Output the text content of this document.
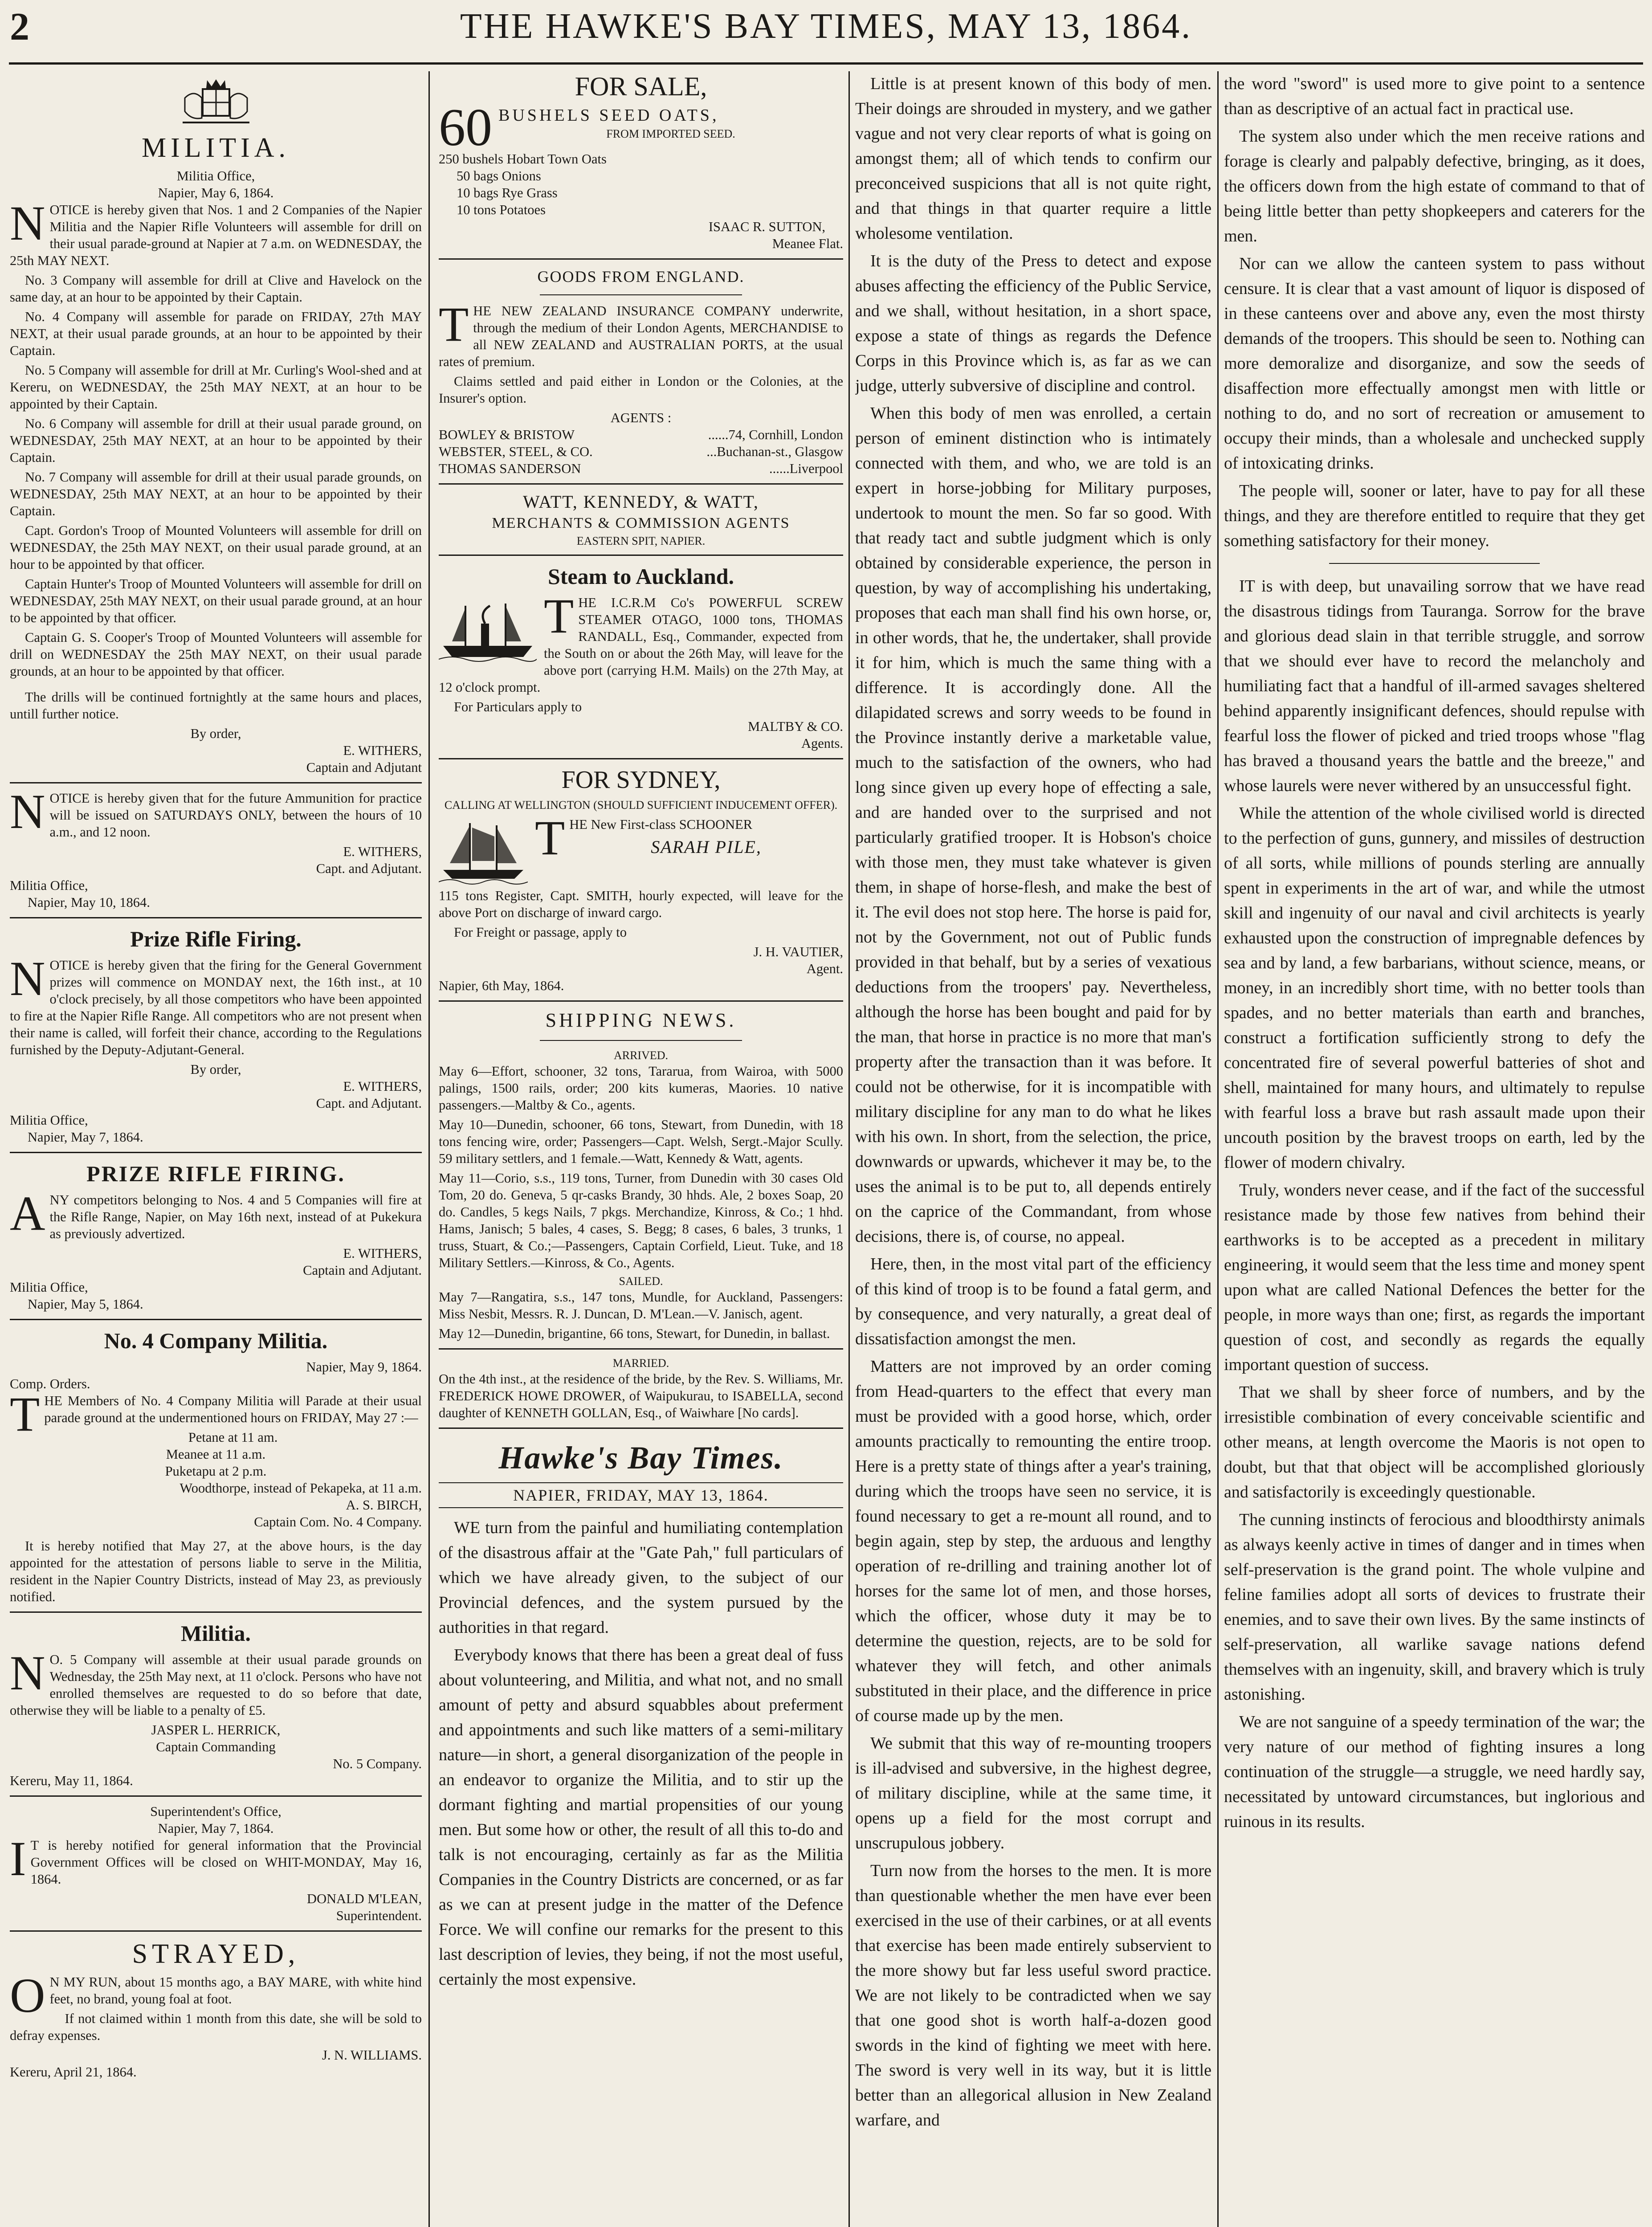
2	THE HAWKE'S BAY TIMES, MAY 13, 1864.
MILITIA.

Militia Office,

Napier, May 6, 1864.

NOTICE is hereby given that Nos. 1 and 2 Companies of the Napier Militia and the Napier Rifle Volunteers will assemble for drill on their usual parade-ground at Napier at 7 a.m. on WEDNESDAY, the 25th MAY NEXT.

No. 3 Company will assemble for drill at Clive and Havelock on the same day, at an hour to be appointed by their Captain.

No. 4 Company will assemble for parade on FRIDAY, 27th MAY NEXT, at their usual parade grounds, at an hour to be appointed by their Captain.

No. 5 Company will assemble for drill at Mr. Curling's Wool-shed and at Kereru, on WEDNESDAY, the 25th MAY NEXT, at an hour to be appointed by their Captain.

No. 6 Company will assemble for drill at their usual parade ground, on WEDNESDAY, 25th MAY NEXT, at an hour to be appointed by their Captain.

No. 7 Company will assemble for drill at their usual parade grounds, on WEDNESDAY, 25th MAY NEXT, at an hour to be appointed by their Captain.

Capt. Gordon's Troop of Mounted Volunteers will assemble for drill on WEDNESDAY, the 25th MAY NEXT, on their usual parade ground, at an hour to be appointed by that officer.

Captain Hunter's Troop of Mounted Volunteers will assemble for drill on WEDNESDAY, 25th MAY NEXT, on their usual parade ground, at an hour to be appointed by that officer.

Captain G. S. Cooper's Troop of Mounted Volunteers will assemble for drill on WEDNESDAY the 25th MAY NEXT, on their usual parade grounds, at an hour to be appointed by that officer.

The drills will be continued fortnightly at the same hours and places, untill further notice.

By order,

E. WITHERS,

Captain and Adjutant

NOTICE is hereby given that for the future Ammunition for practice will be issued on SATURDAYS ONLY, between the hours of 10 a.m., and 12 noon.

E. WITHERS,

Capt. and Adjutant.

Militia Office,

Napier, May 10, 1864.

Prize Rifle Firing.

NOTICE is hereby given that the firing for the General Government prizes will commence on MONDAY next, the 16th inst., at 10 o'clock precisely, by all those competitors who have been appointed to fire at the Napier Rifle Range. All competitors who are not present when their name is called, will forfeit their chance, according to the Regulations furnished by the Deputy-Adjutant-General.

By order,

E. WITHERS,

Capt. and Adjutant.

Militia Office,

Napier, May 7, 1864.

PRIZE RIFLE FIRING.

ANY competitors belonging to Nos. 4 and 5 Companies will fire at the Rifle Range, Napier, on May 16th next, instead of at Pukekura as previously advertized.

E. WITHERS,

Captain and Adjutant.

Militia Office,

Napier, May 5, 1864.

No. 4 Company Militia.

Napier, May 9, 1864.

Comp. Orders.

THE Members of No. 4 Company Militia will Parade at their usual parade ground at the undermentioned hours on FRIDAY, May 27 :—

Petane at 11 am.

Meanee at 11 a.m.

Puketapu at 2 p.m.

Woodthorpe, instead of Pekapeka, at 11 a.m.

A. S. BIRCH,

Captain Com. No. 4 Company.

It is hereby notified that May 27, at the above hours, is the day appointed for the attestation of persons liable to serve in the Militia, resident in the Napier Country Districts, instead of May 23, as previously notified.

Militia.

N O. 5 Company will assemble at their usual parade grounds on Wednesday, the 25th May next, at 11 o'clock. Persons who have not enrolled themselves are requested to do so before that date, otherwise they will be liable to a penalty of £5.

JASPER L. HERRICK,

Captain Commanding

No. 5 Company.

Kereru, May 11, 1864.

Superintendent's Office,

Napier, May 7, 1864.

I T is hereby notified for general information that the Provincial Government Offices will be closed on WHIT-MONDAY, May 16, 1864.

DONALD M'LEAN,

Superintendent.

STRAYED,

O N MY RUN, about 15 months ago, a BAY MARE, with white hind feet, no brand, young foal at foot.

If not claimed within 1 month from this date, she will be sold to defray expenses.

J. N. WILLIAMS.

Kereru, April 21, 1864.

FOR SALE,
60 BUSHELS SEED OATS,
FROM IMPORTED SEED.

250 bushels Hobart Town Oats

50 bags Onions

10 bags Rye Grass

10 tons Potatoes

ISAAC R. SUTTON,

Meanee Flat.

GOODS FROM ENGLAND.

THE NEW ZEALAND INSURANCE COMPANY underwrite, through the medium of their London Agents, MERCHANDISE to all NEW ZEALAND and AUSTRALIAN PORTS, at the usual rates of premium.

Claims settled and paid either in London or the Colonies, at the Insurer's option.

AGENTS :

BOWLEY & BRISTOW	......74, Cornhill, London
WEBSTER, STEEL, & CO.	...Buchanan-st., Glasgow
THOMAS SANDERSON	......Liverpool
WATT, KENNEDY, & WATT,
MERCHANTS & COMMISSION AGENTS
EASTERN SPIT, NAPIER.
Steam to Auckland.

THE I.C.R.M Co's POWERFUL SCREW STEAMER OTAGO, 1000 tons, THOMAS RANDALL, Esq., Commander, expected from the South on or about the 26th May, will leave for the above port (carrying H.M. Mails) on the 27th May, at 12 o'clock prompt.

For Particulars apply to

MALTBY & CO.

Agents.

FOR SYDNEY,
CALLING AT WELLINGTON (SHOULD SUFFICIENT INDUCEMENT OFFER).

THE New First-class SCHOONER

SARAH PILE,

115 tons Register, Capt. SMITH, hourly expected, will leave for the above Port on discharge of inward cargo.

For Freight or passage, apply to

J. H. VAUTIER,

Agent.

Napier, 6th May, 1864.

SHIPPING NEWS.

ARRIVED.

May 6—Effort, schooner, 32 tons, Tararua, from Wairoa, with 5000 palings, 1500 rails, order; 200 kits kumeras, Maories. 10 native passengers.—Maltby & Co., agents.

May 10—Dunedin, schooner, 66 tons, Stewart, from Dunedin, with 18 tons fencing wire, order; Passengers—Capt. Welsh, Sergt.-Major Scully. 59 military settlers, and 1 female.—Watt, Kennedy & Watt, agents.

May 11—Corio, s.s., 119 tons, Turner, from Dunedin with 30 cases Old Tom, 20 do. Geneva, 5 qr-casks Brandy, 30 hhds. Ale, 2 boxes Soap, 20 do. Candles, 5 kegs Nails, 7 pkgs. Merchandize, Kinross, & Co.; 1 hhd. Hams, Janisch; 5 bales, 4 cases, S. Begg; 8 cases, 6 bales, 3 trunks, 1 truss, Stuart, & Co.;—Passengers, Captain Corfield, Lieut. Tuke, and 18 Military Settlers.—Kinross, & Co., Agents.

SAILED.

May 7—Rangatira, s.s., 147 tons, Mundle, for Auckland, Passengers: Miss Nesbit, Messrs. R. J. Duncan, D. M'Lean.—V. Janisch, agent.

May 12—Dunedin, brigantine, 66 tons, Stewart, for Dunedin, in ballast.

MARRIED.

On the 4th inst., at the residence of the bride, by the Rev. S. Williams, Mr. FREDERICK HOWE DROWER, of Waipukurau, to ISABELLA, second daughter of KENNETH GOLLAN, Esq., of Waiwhare [No cards].

Hawke's Bay Times.
NAPIER, FRIDAY, MAY 13, 1864.

WE turn from the painful and humiliating contemplation of the disastrous affair at the "Gate Pah," full particulars of which we have already given, to the subject of our Provincial defences, and the system pursued by the authorities in that regard.

Everybody knows that there has been a great deal of fuss about volunteering, and Militia, and what not, and no small amount of petty and absurd squabbles about preferment and appointments and such like matters of a semi-military nature—in short, a general disorganization of the people in an endeavor to organize the Militia, and to stir up the dormant fighting and martial propensities of our young men. But some how or other, the result of all this to-do and talk is not encouraging, certainly as far as the Militia Companies in the Country Districts are concerned, or as far as we can at present judge in the matter of the Defence Force. We will confine our remarks for the present to this last description of levies, they being, if not the most useful, certainly the most expensive.

Little is at present known of this body of men. Their doings are shrouded in mystery, and we gather vague and not very clear reports of what is going on amongst them; all of which tends to confirm our preconceived suspicions that all is not quite right, and that things in that quarter require a little wholesome ventilation.

It is the duty of the Press to detect and expose abuses affecting the efficiency of the Public Service, and we shall, without hesitation, in a short space, expose a state of things as regards the Defence Corps in this Province which is, as far as we can judge, utterly subversive of discipline and control.

When this body of men was enrolled, a certain person of eminent distinction who is intimately connected with them, and who, we are told is an expert in horse-jobbing for Military purposes, undertook to mount the men. So far so good. With that ready tact and subtle judgment which is only obtained by considerable experience, the person in question, by way of accomplishing his undertaking, proposes that each man shall find his own horse, or, in other words, that he, the undertaker, shall provide it for him, which is much the same thing with a difference. It is accordingly done. All the dilapidated screws and sorry weeds to be found in the Province instantly derive a marketable value, much to the satisfaction of the owners, who had long since given up every hope of effecting a sale, and are handed over to the surprised and not particularly gratified trooper. It is Hobson's choice with those men, they must take whatever is given them, in shape of horse-flesh, and make the best of it. The evil does not stop here. The horse is paid for, not by the Government, not out of Public funds provided in that behalf, but by a series of vexatious deductions from the troopers' pay. Nevertheless, although the horse has been bought and paid for by the man, that horse in practice is no more that man's property after the transaction than it was before. It could not be otherwise, for it is incompatible with military discipline for any man to do what he likes with his own. In short, from the selection, the price, downwards or upwards, whichever it may be, to the uses the animal is to be put to, all depends entirely on the caprice of the Commandant, from whose decisions, there is, of course, no appeal.

Here, then, in the most vital part of the efficiency of this kind of troop is to be found a fatal germ, and by consequence, and very naturally, a great deal of dissatisfaction amongst the men.

Matters are not improved by an order coming from Head-quarters to the effect that every man must be provided with a good horse, which, order amounts practically to remounting the entire troop. Here is a pretty state of things after a year's training, during which the troops have seen no service, it is found necessary to get a re-mount all round, and to begin again, step by step, the arduous and lengthy operation of re-drilling and training another lot of horses for the same lot of men, and those horses, which the officer, whose duty it may be to determine the question, rejects, are to be sold for whatever they will fetch, and other animals substituted in their place, and the difference in price of course made up by the men.

We submit that this way of re-mounting troopers is ill-advised and subversive, in the highest degree, of military discipline, while at the same time, it opens up a field for the most corrupt and unscrupulous jobbery.

Turn now from the horses to the men. It is more than questionable whether the men have ever been exercised in the use of their carbines, or at all events that exercise has been made entirely subservient to the more showy but far less useful sword practice. We are not likely to be contradicted when we say that one good shot is worth half-a-dozen good swords in the kind of fighting we meet with here. The sword is very well in its way, but it is little better than an allegorical allusion in New Zealand warfare, and

the word "sword" is used more to give point to a sentence than as descriptive of an actual fact in practical use.

The system also under which the men receive rations and forage is clearly and palpably defective, bringing, as it does, the officers down from the high estate of command to that of being little better than petty shopkeepers and caterers for the men.

Nor can we allow the canteen system to pass without censure. It is clear that a vast amount of liquor is disposed of in these canteens over and above any, even the most thirsty demands of the troopers. This should be seen to. Nothing can more demoralize and disorganize, and sow the seeds of disaffection more effectually amongst men with little or nothing to do, and no sort of recreation or amusement to occupy their minds, than a wholesale and unchecked supply of intoxicating drinks.

The people will, sooner or later, have to pay for all these things, and they are therefore entitled to require that they get something satisfactory for their money.

IT is with deep, but unavailing sorrow that we have read the disastrous tidings from Tauranga. Sorrow for the brave and glorious dead slain in that terrible struggle, and sorrow that we should ever have to record the melancholy and humiliating fact that a handful of ill-armed savages sheltered behind apparently insignificant defences, should repulse with fearful loss the flower of picked and tried troops whose "flag has braved a thousand years the battle and the breeze," and whose laurels were never withered by an unsuccessful fight.

While the attention of the whole civilised world is directed to the perfection of guns, gunnery, and missiles of destruction of all sorts, while millions of pounds sterling are annually spent in experiments in the art of war, and while the utmost skill and ingenuity of our naval and civil architects is yearly exhausted upon the construction of impregnable defences by sea and by land, a few barbarians, without science, means, or money, in an incredibly short time, with no better tools than spades, and no better materials than earth and branches, construct a fortification sufficiently strong to defy the concentrated fire of several powerful batteries of shot and shell, maintained for many hours, and ultimately to repulse with fearful loss a brave but rash assault made upon their uncouth position by the bravest troops on earth, led by the flower of modern chivalry.

Truly, wonders never cease, and if the fact of the successful resistance made by those few natives from behind their earthworks is to be accepted as a precedent in military engineering, it would seem that the less time and money spent upon what are called National Defences the better for the people, in more ways than one; first, as regards the important question of cost, and secondly as regards the equally important question of success.

That we shall by sheer force of numbers, and by the irresistible combination of every conceivable scientific and other means, at length overcome the Maoris is not open to doubt, but that that object will be accomplished gloriously and satisfactorily is exceedingly questionable.

The cunning instincts of ferocious and bloodthirsty animals as always keenly active in times of danger and in times when self-preservation is the grand point. The whole vulpine and feline families adopt all sorts of devices to frustrate their enemies, and to save their own lives. By the same instincts of self-preservation, all warlike savage nations defend themselves with an ingenuity, skill, and bravery which is truly astonishing.

We are not sanguine of a speedy termination of the war; the very nature of our method of fighting insures a long continuation of the struggle—a struggle, we need hardly say, necessitated by untoward circumstances, but inglorious and ruinous in its results.
